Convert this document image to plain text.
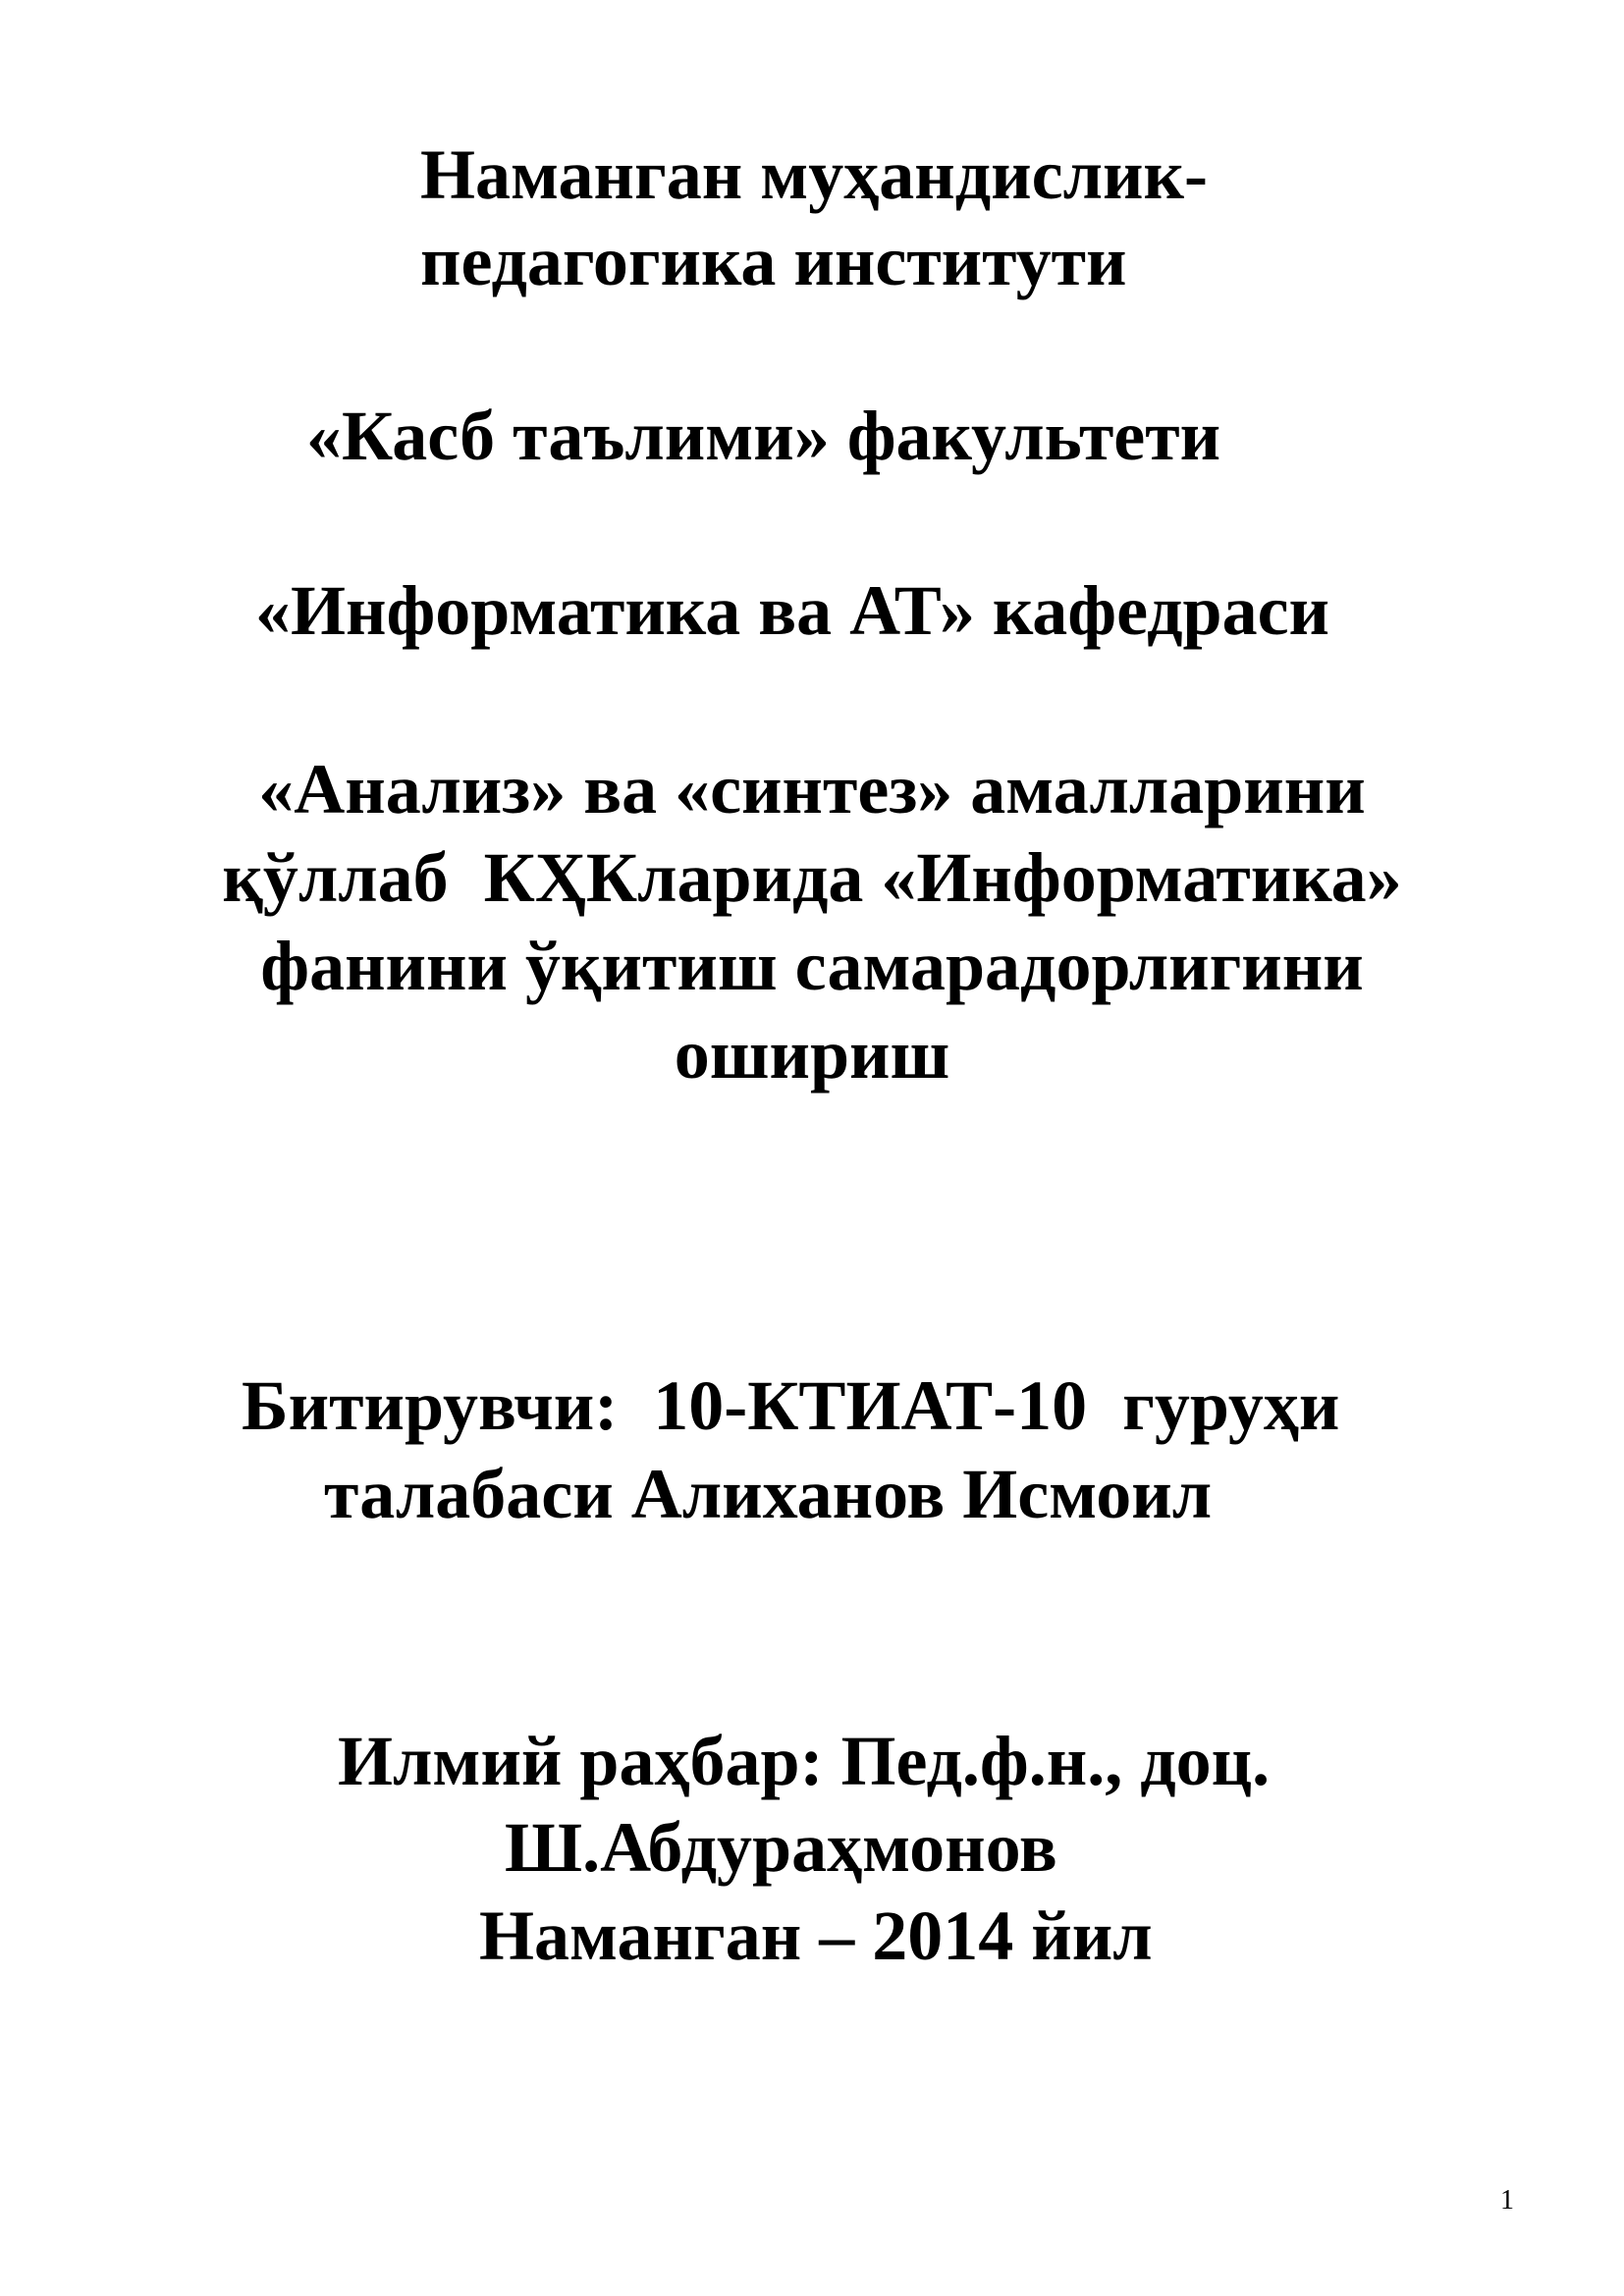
Наманган муҳандислик-

педагогика институти

«Касб таълими» факультети

«Информатика ва АТ» кафедраси

«Анализ» ва «синтез» амалларини

қўллаб  КҲКларида «Информатика»

фанини ўқитиш самарадорлигини

ошириш

Битирувчи:  10-КТИАТ-10  гуруҳи

талабаси Алиханов Исмоил

Илмий раҳбар: Пед.ф.н., доц.

Ш.Абдураҳмонов

Наманган – 2014 йил

1
